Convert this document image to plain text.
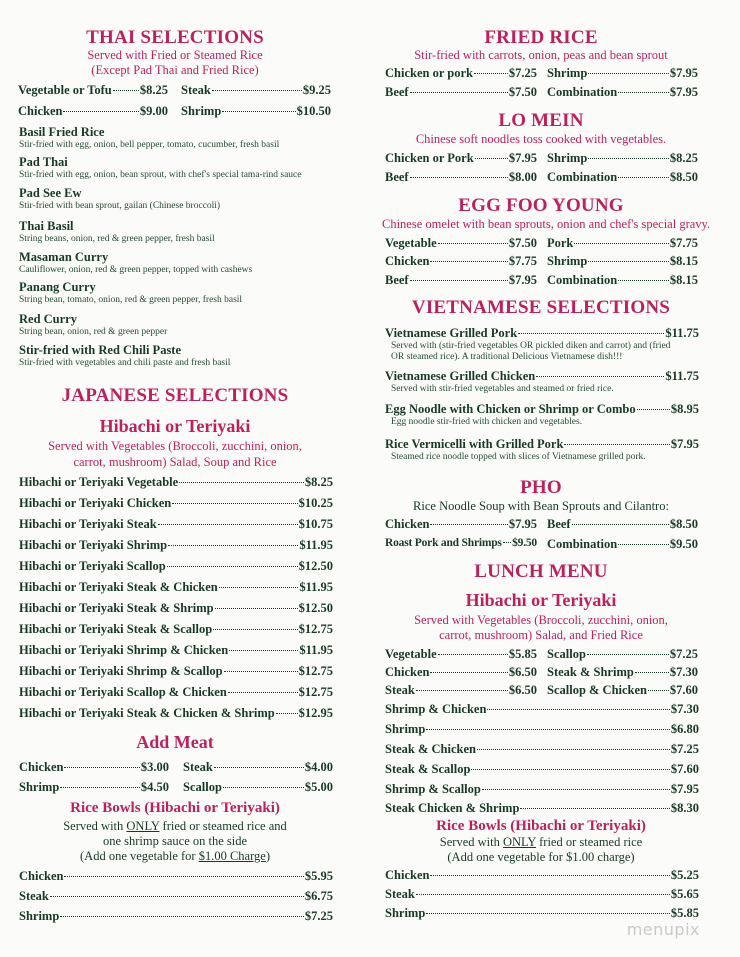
THAI SELECTIONS
Served with Fried or Steamed Rice
(Except Pad Thai and Fried Rice)
Vegetable or Tofu $8.25 Steak	$9.25
Chicken	$9.00 Shrimp	$10.50
Basil Fried Rice
Stir-fried with egg, onion, bell pepper, tomato, cucumber, fresh basil
Pad Thai
Stir-fried with egg, onion, bean sprout, with chef's special tama-rind sauce
Pad See Ew
Stir-fried with bean sprout, gailan (Chinese broccoli)
Thai Basil
String beans, onion, red & green pepper, fresh basil
Masaman Curry
Cauliflower, onion, red & green pepper, topped with cashews
Panang Curry
String bean, tomato, onion, red & green pepper, fresh basil
Red Curry
String bean, onion, red & green pepper
Stir-fried with Red Chili Paste
Stir-fried with vegetables and chili paste and fresh basil
JAPANESE SELECTIONS
Hibachi or Teriyaki
Served with Vegetables (Broccoli, zucchini, onion,
carrot, mushroom) Salad, Soup and Rice
Hibachi or Teriyaki Vegetable	$8.25
Hibachi or Teriyaki Chicken	$10.25
Hibachi or Teriyaki Steak	$10.75
Hibachi or Teriyaki Shrimp	$11.95
Hibachi or Teriyaki Scallop	$12.50
Hibachi or Teriyaki Steak & Chicken	$11.95
Hibachi or Teriyaki Steak & Shrimp	$12.50
Hibachi or Teriyaki Steak & Scallop	$12.75
Hibachi or Teriyaki Shrimp & Chicken	$11.95
Hibachi or Teriyaki Shrimp & Scallop	$12.75
Hibachi or Teriyaki Scallop & Chicken	$12.75
Hibachi or Teriyaki Steak & Chicken & Shrimp $12.95
Add Meat
Chicken	$3.00 Steak	$4.00
Shrimp	$4.50 Scallop	$5.00
Rice Bowls (Hibachi or Teriyaki)
Served with ONLY fried or steamed rice and
one shrimp sauce on the side
(Add one vegetable for $1.00 Charge)
Chicken	$5.95
Steak	$6.75
Shrimp	$7.25
FRIED RICE
Stir-fried with carrots, onion, peas and bean sprout
Chicken or pork	$7.25 Shrimp	$7.95
Beef	$7.50 Combination	$7.95
LO MEIN
Chinese soft noodles toss cooked with vegetables.
Chicken or Pork	$7.95 Shrimp	$8.25
Beef	$8.00 Combination	$8.50
EGG FOO YOUNG
Chinese omelet with bean sprouts, onion and chef's special gravy.
Vegetable	$7.50 Pork	$7.75
Chicken	$7.75 Shrimp	$8.15
Beef	$7.95 Combination	$8.15
VIETNAMESE SELECTIONS
Vietnamese Grilled Pork	$11.75
Served with (stir-fried vegetables OR pickled diken and carrot) and (fried
OR steamed rice). A traditional Delicious Vietnamese dish!!!
Vietnamese Grilled Chicken	$11.75
Served with stir-fried vegetables and steamed or fried rice.
Egg Noodle with Chicken or Shrimp or Combo	$8.95
Egg noodle stir-fried with chicken and vegetables.
Rice Vermicelli with Grilled Pork	$7.95
Steamed rice noodle topped with slices of Vietnamese grilled pork.
PHO
Rice Noodle Soup with Bean Sprouts and Cilantro:
Chicken	$7.95 Beef	$8.50
Roast Pork and Shrimps $9.50 Combination	$9.50
LUNCH MENU
Hibachi or Teriyaki
Served with Vegetables (Broccoli, zucchini, onion,
carrot, mushroom) Salad, and Fried Rice
Vegetable	$5.85 Scallop	$7.25
Chicken	$6.50 Steak & Shrimp	$7.30
Steak	$6.50 Scallop & Chicken $7.60
Shrimp & Chicken	$7.30
Shrimp	$6.80
Steak & Chicken	$7.25
Steak & Scallop	$7.60
Shrimp & Scallop	$7.95
Steak Chicken & Shrimp	$8.30
Rice Bowls (Hibachi or Teriyaki)
Served with ONLY fried or steamed rice
(Add one vegetable for $1.00 charge)
Chicken	$5.25
Steak	$5.65
Shrimp	$5.85
menupix
